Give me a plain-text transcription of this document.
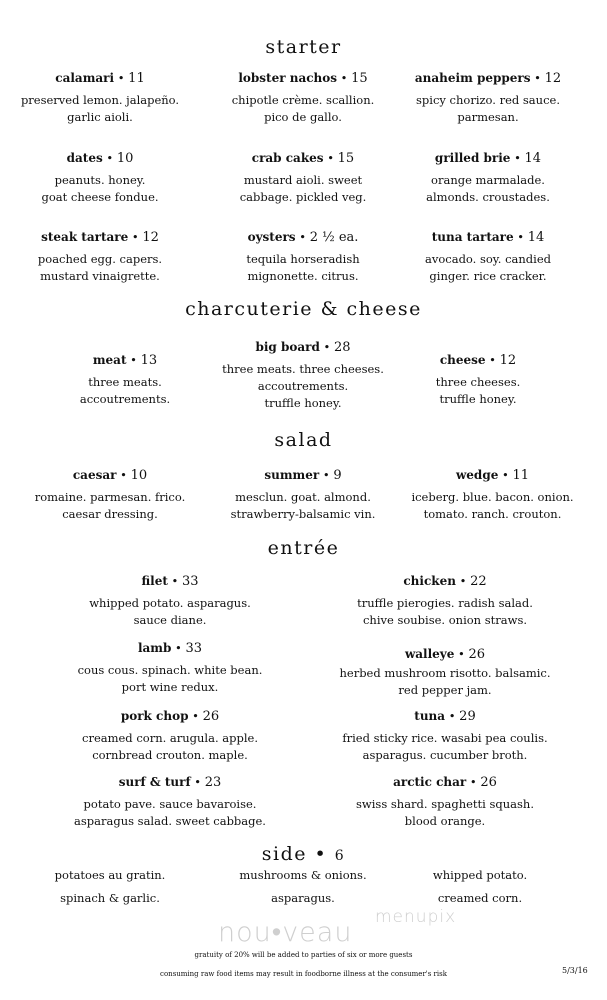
starter
calamari • 11
preserved lemon. jalapeño.
garlic aioli.
lobster nachos • 15
chipotle crème. scallion.
pico de gallo.
anaheim peppers • 12
spicy chorizo. red sauce.
parmesan.
dates • 10
peanuts. honey.
goat cheese fondue.
crab cakes • 15
mustard aioli. sweet
cabbage. pickled veg.
grilled brie • 14
orange marmalade.
almonds. croustades.
steak tartare • 12
poached egg. capers.
mustard vinaigrette.
oysters • 2 ½ ea.
tequila horseradish
mignonette. citrus.
tuna tartare • 14
avocado. soy. candied
ginger. rice cracker.
charcuterie & cheese
meat • 13
three meats.
accoutrements.
big board • 28
three meats. three cheeses.
accoutrements.
truffle honey.
cheese • 12
three cheeses.
truffle honey.
salad
caesar • 10
romaine. parmesan. frico.
caesar dressing.
summer • 9
mesclun. goat. almond.
strawberry-balsamic vin.
wedge • 11
iceberg. blue. bacon. onion.
tomato. ranch. crouton.
entrée
filet • 33
whipped potato. asparagus.
sauce diane.
chicken • 22
truffle pierogies. radish salad.
chive soubise. onion straws.
lamb • 33
cous cous. spinach. white bean.
port wine redux.
walleye • 26
herbed mushroom risotto. balsamic.
red pepper jam.
pork chop • 26
creamed corn. arugula. apple.
cornbread crouton. maple.
tuna • 29
fried sticky rice. wasabi pea coulis.
asparagus. cucumber broth.
surf & turf • 23
potato pave. sauce bavaroise.
asparagus salad. sweet cabbage.
arctic char • 26
swiss shard. spaghetti squash.
blood orange.
side • 6
potatoes au gratin.	mushrooms & onions.	whipped potato.
spinach & garlic.	asparagus.	creamed corn.
nou•veau menupix
gratuity of 20% will be added to parties of six or more guests
consuming raw food items may result in foodborne illness at the consumer's risk	5/3/16
